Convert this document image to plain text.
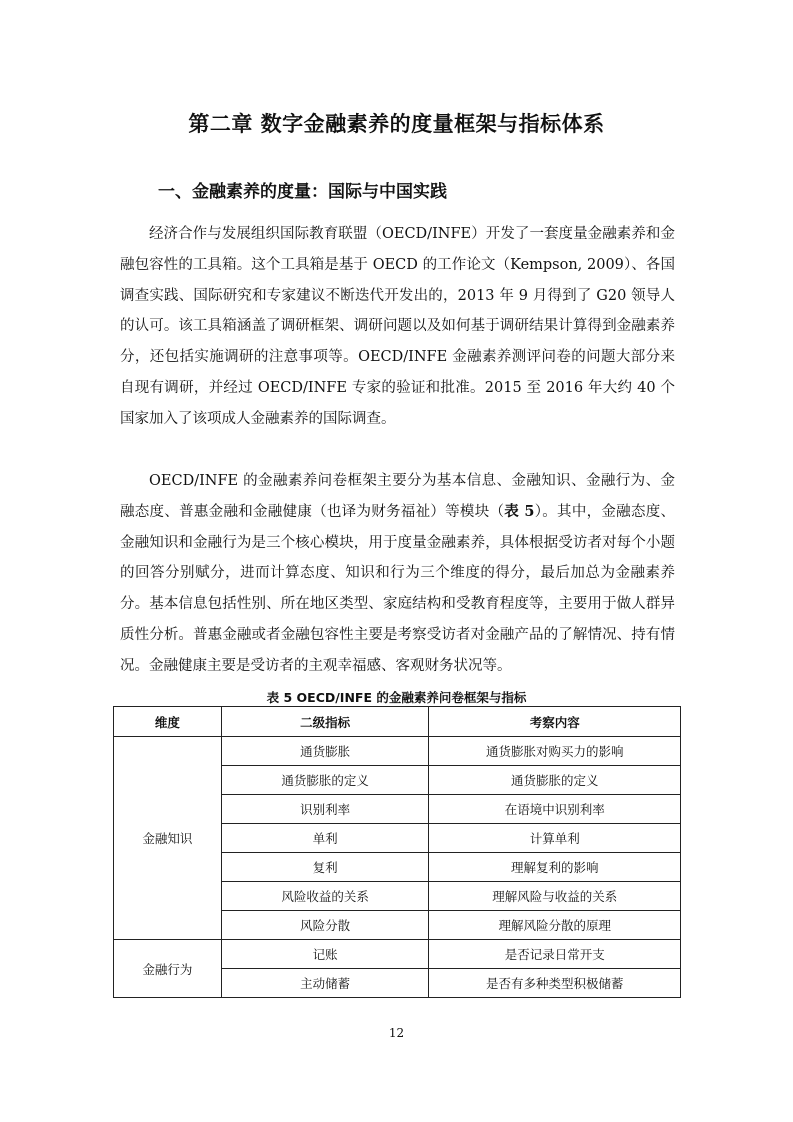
第二章 数字金融素养的度量框架与指标体系
一、金融素养的度量：国际与中国实践

经济合作与发展组织国际教育联盟（OECD/INFE）开发了一套度量金融素养和金融包容性的工具箱。这个工具箱是基于 OECD 的工作论文（Kempson, 2009）、各国调查实践、国际研究和专家建议不断迭代开发出的，2013 年 9 月得到了 G20 领导人的认可。该工具箱涵盖了调研框架、调研问题以及如何基于调研结果计算得到金融素养分，还包括实施调研的注意事项等。OECD/INFE 金融素养测评问卷的问题大部分来自现有调研，并经过 OECD/INFE 专家的验证和批准。2015 至 2016 年大约 40 个国家加入了该项成人金融素养的国际调查。

OECD/INFE 的金融素养问卷框架主要分为基本信息、金融知识、金融行为、金融态度、普惠金融和金融健康（也译为财务福祉）等模块（表 5）。其中，金融态度、金融知识和金融行为是三个核心模块，用于度量金融素养，具体根据受访者对每个小题的回答分别赋分，进而计算态度、知识和行为三个维度的得分，最后加总为金融素养分。基本信息包括性别、所在地区类型、家庭结构和受教育程度等，主要用于做人群异质性分析。普惠金融或者金融包容性主要是考察受访者对金融产品的了解情况、持有情况。金融健康主要是受访者的主观幸福感、客观财务状况等。

表 5 OECD/INFE 的金融素养问卷框架与指标
维度	二级指标	考察内容
金融知识	通货膨胀	通货膨胀对购买力的影响
	通货膨胀的定义	通货膨胀的定义
	识别利率	在语境中识别利率
	单利	计算单利
	复利	理解复利的影响
	风险收益的关系	理解风险与收益的关系
	风险分散	理解风险分散的原理
金融行为	记账	是否记录日常开支
	主动储蓄	是否有多种类型积极储蓄
12
